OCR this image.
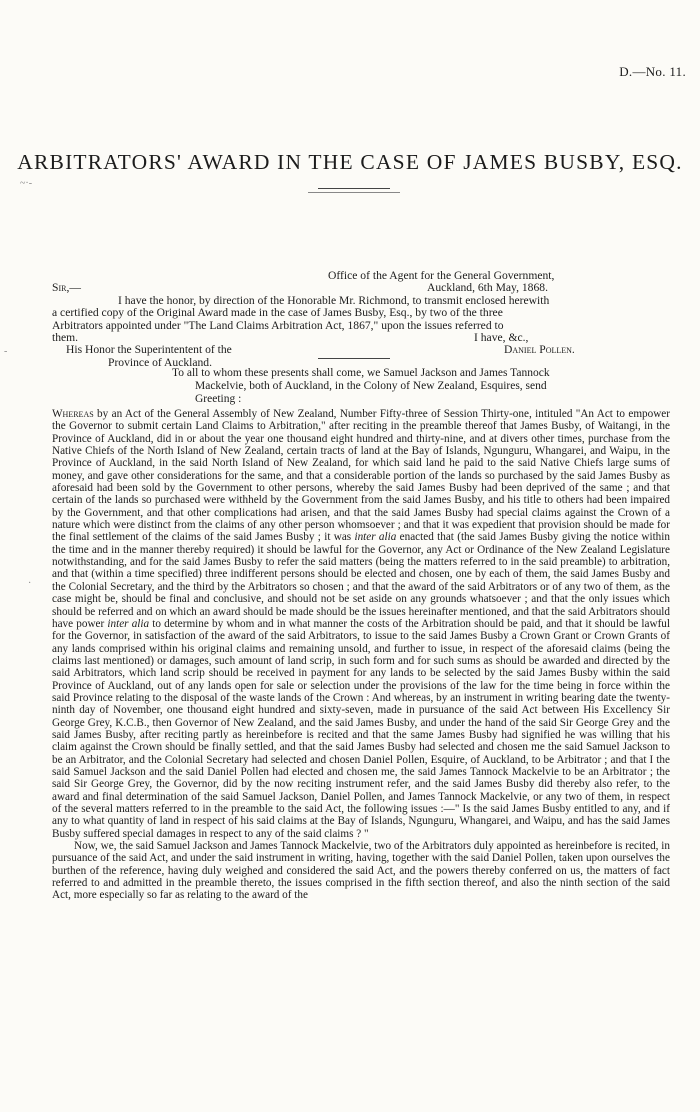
D.—No. 11.
ARBITRATORS' AWARD IN THE CASE OF JAMES BUSBY, ESQ.
~·-
-
·
Office of the Agent for the General Government,
Sir,—	Auckland, 6th May, 1868.
I have the honor, by direction of the Honorable Mr. Richmond, to transmit enclosed herewith
a certified copy of the Original Award made in the case of James Busby, Esq., by two of the three
Arbitrators appointed under "The Land Claims Arbitration Act, 1867," upon the issues referred to
them.	I have, &c.,
His Honor the Superintentent of the	Daniel Pollen.
Province of Auckland.
To all to whom these presents shall come, we Samuel Jackson and James Tannock
Mackelvie, both of Auckland, in the Colony of New Zealand, Esquires, send
Greeting :

Whereas by an Act of the General Assembly of New Zealand, Number Fifty-three of Session Thirty-one, intituled "An Act to empower the Governor to submit certain Land Claims to Arbitration," after reciting in the preamble thereof that James Busby, of Waitangi, in the Province of Auckland, did in or about the year one thousand eight hundred and thirty-nine, and at divers other times, purchase from the Native Chiefs of the North Island of New Zealand, certain tracts of land at the Bay of Islands, Ngunguru, Whangarei, and Waipu, in the Province of Auckland, in the said North Island of New Zealand, for which said land he paid to the said Native Chiefs large sums of money, and gave other considerations for the same, and that a considerable portion of the lands so purchased by the said James Busby as aforesaid had been sold by the Government to other persons, whereby the said James Busby had been deprived of the same ; and that certain of the lands so purchased were withheld by the Government from the said James Busby, and his title to others had been impaired by the Government, and that other complications had arisen, and that the said James Busby had special claims against the Crown of a nature which were distinct from the claims of any other person whomsoever ; and that it was expedient that provision should be made for the final settlement of the claims of the said James Busby ; it was inter alia enacted that (the said James Busby giving the notice within the time and in the manner thereby required) it should be lawful for the Governor, any Act or Ordinance of the New Zealand Legislature notwithstanding, and for the said James Busby to refer the said matters (being the matters referred to in the said preamble) to arbitration, and that (within a time specified) three indifferent persons should be elected and chosen, one by each of them, the said James Busby and the Colonial Secretary, and the third by the Arbitrators so chosen ; and that the award of the said Arbitrators or of any two of them, as the case might be, should be final and conclusive, and should not be set aside on any grounds whatsoever ; and that the only issues which should be referred and on which an award should be made should be the issues hereinafter mentioned, and that the said Arbitrators should have power inter alia to determine by whom and in what manner the costs of the Arbitration should be paid, and that it should be lawful for the Governor, in satisfaction of the award of the said Arbitrators, to issue to the said James Busby a Crown Grant or Crown Grants of any lands comprised within his original claims and remaining unsold, and further to issue, in respect of the aforesaid claims (being the claims last mentioned) or damages, such amount of land scrip, in such form and for such sums as should be awarded and directed by the said Arbitrators, which land scrip should be received in payment for any lands to be selected by the said James Busby within the said Province of Auckland, out of any lands open for sale or selection under the provisions of the law for the time being in force within the said Province relating to the disposal of the waste lands of the Crown : And whereas, by an instrument in writing bearing date the twenty-ninth day of November, one thousand eight hundred and sixty-seven, made in pursuance of the said Act between His Excellency Sir George Grey, K.C.B., then Governor of New Zealand, and the said James Busby, and under the hand of the said Sir George Grey and the said James Busby, after reciting partly as hereinbefore is recited and that the same James Busby had signified he was willing that his claim against the Crown should be finally settled, and that the said James Busby had selected and chosen me the said Samuel Jackson to be an Arbitrator, and the Colonial Secretary had selected and chosen Daniel Pollen, Esquire, of Auckland, to be Arbitrator ; and that I the said Samuel Jackson and the said Daniel Pollen had elected and chosen me, the said James Tannock Mackelvie to be an Arbitrator ; the said Sir George Grey, the Governor, did by the now reciting instrument refer, and the said James Busby did thereby also refer, to the award and final determination of the said Samuel Jackson, Daniel Pollen, and James Tannock Mackelvie, or any two of them, in respect of the several matters referred to in the preamble to the said Act, the following issues :—" Is the said James Busby entitled to any, and if any to what quantity of land in respect of his said claims at the Bay of Islands, Ngunguru, Whangarei, and Waipu, and has the said James Busby suffered special damages in respect to any of the said claims ? "

Now, we, the said Samuel Jackson and James Tannock Mackelvie, two of the Arbitrators duly appointed as hereinbefore is recited, in pursuance of the said Act, and under the said instrument in writing, having, together with the said Daniel Pollen, taken upon ourselves the burthen of the reference, having duly weighed and considered the said Act, and the powers thereby conferred on us, the matters of fact referred to and admitted in the preamble thereto, the issues comprised in the fifth section thereof, and also the ninth section of the said Act, more especially so far as relating to the award of the
